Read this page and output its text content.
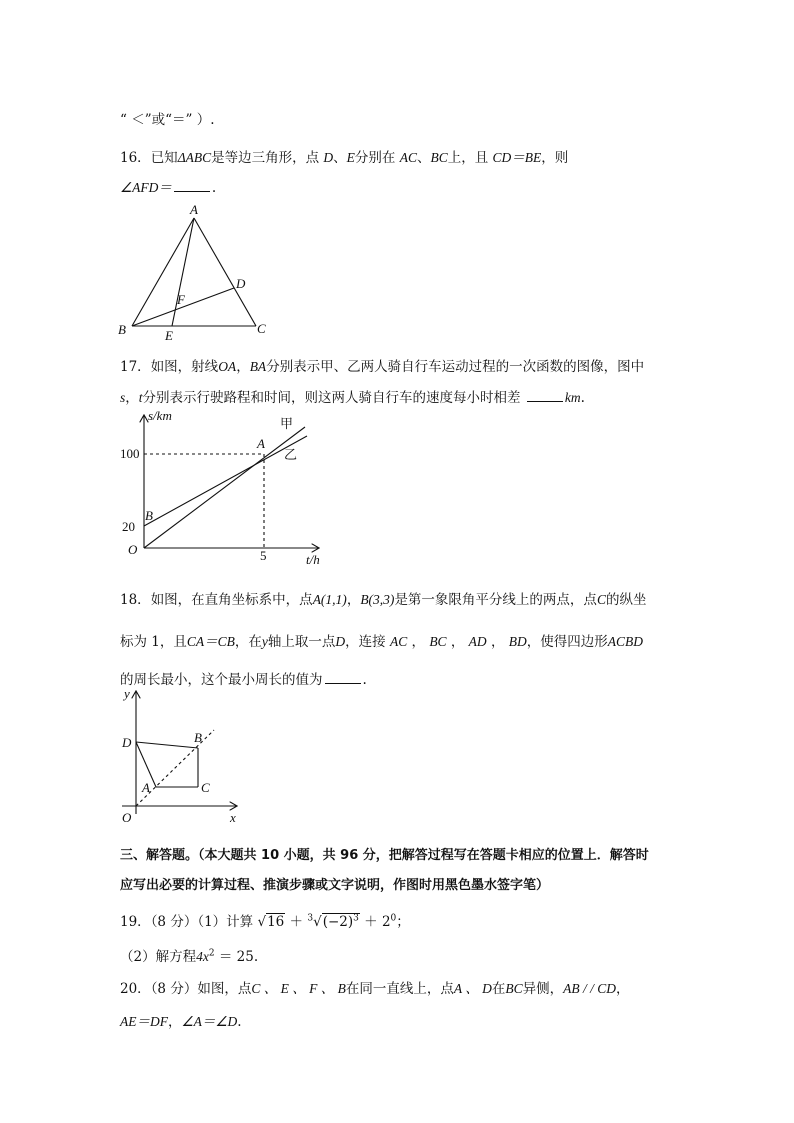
“ ＜”或“＝” ）.
16．已知ΔABC是等边三角形，点 D、E分别在 AC、BC上，且 CD＝BE，则
∠AFD＝	.
A
B	C
D
E
F
17．如图，射线OA，BA分别表示甲、乙两人骑自行车运动过程的一次函数的图像，图中
s，t分别表示行驶路程和时间，则这两人骑自行车的速度每小时相差	km.
s/km
甲
乙
A
100
B
20
O	5	t/h
18．如图，在直角坐标系中，点A(1,1)，B(3,3)是第一象限角平分线上的两点，点C的纵坐
标为 1，且CA＝CB，在y轴上取一点D，连接 AC ， BC ， AD ， BD，使得四边形ACBD
的周长最小，这个最小周长的值为	.
y
D	B
A	C
O	x
三、解答题。（本大题共 10 小题，共 96 分，把解答过程写在答题卡相应的位置上．解答时
应写出必要的计算过程、推演步骤或文字说明，作图时用黑色墨水签字笔）
19．（8 分）（1）计算 $√16 + ^3√(-2)^3 + 2^0$；
（2）解方程$4x^2 = 25$.
20．（8 分）如图，点C 、 E 、 F 、 B在同一直线上，点A 、 D在BC异侧，AB / / CD，
AE＝DF，∠A＝∠D.
